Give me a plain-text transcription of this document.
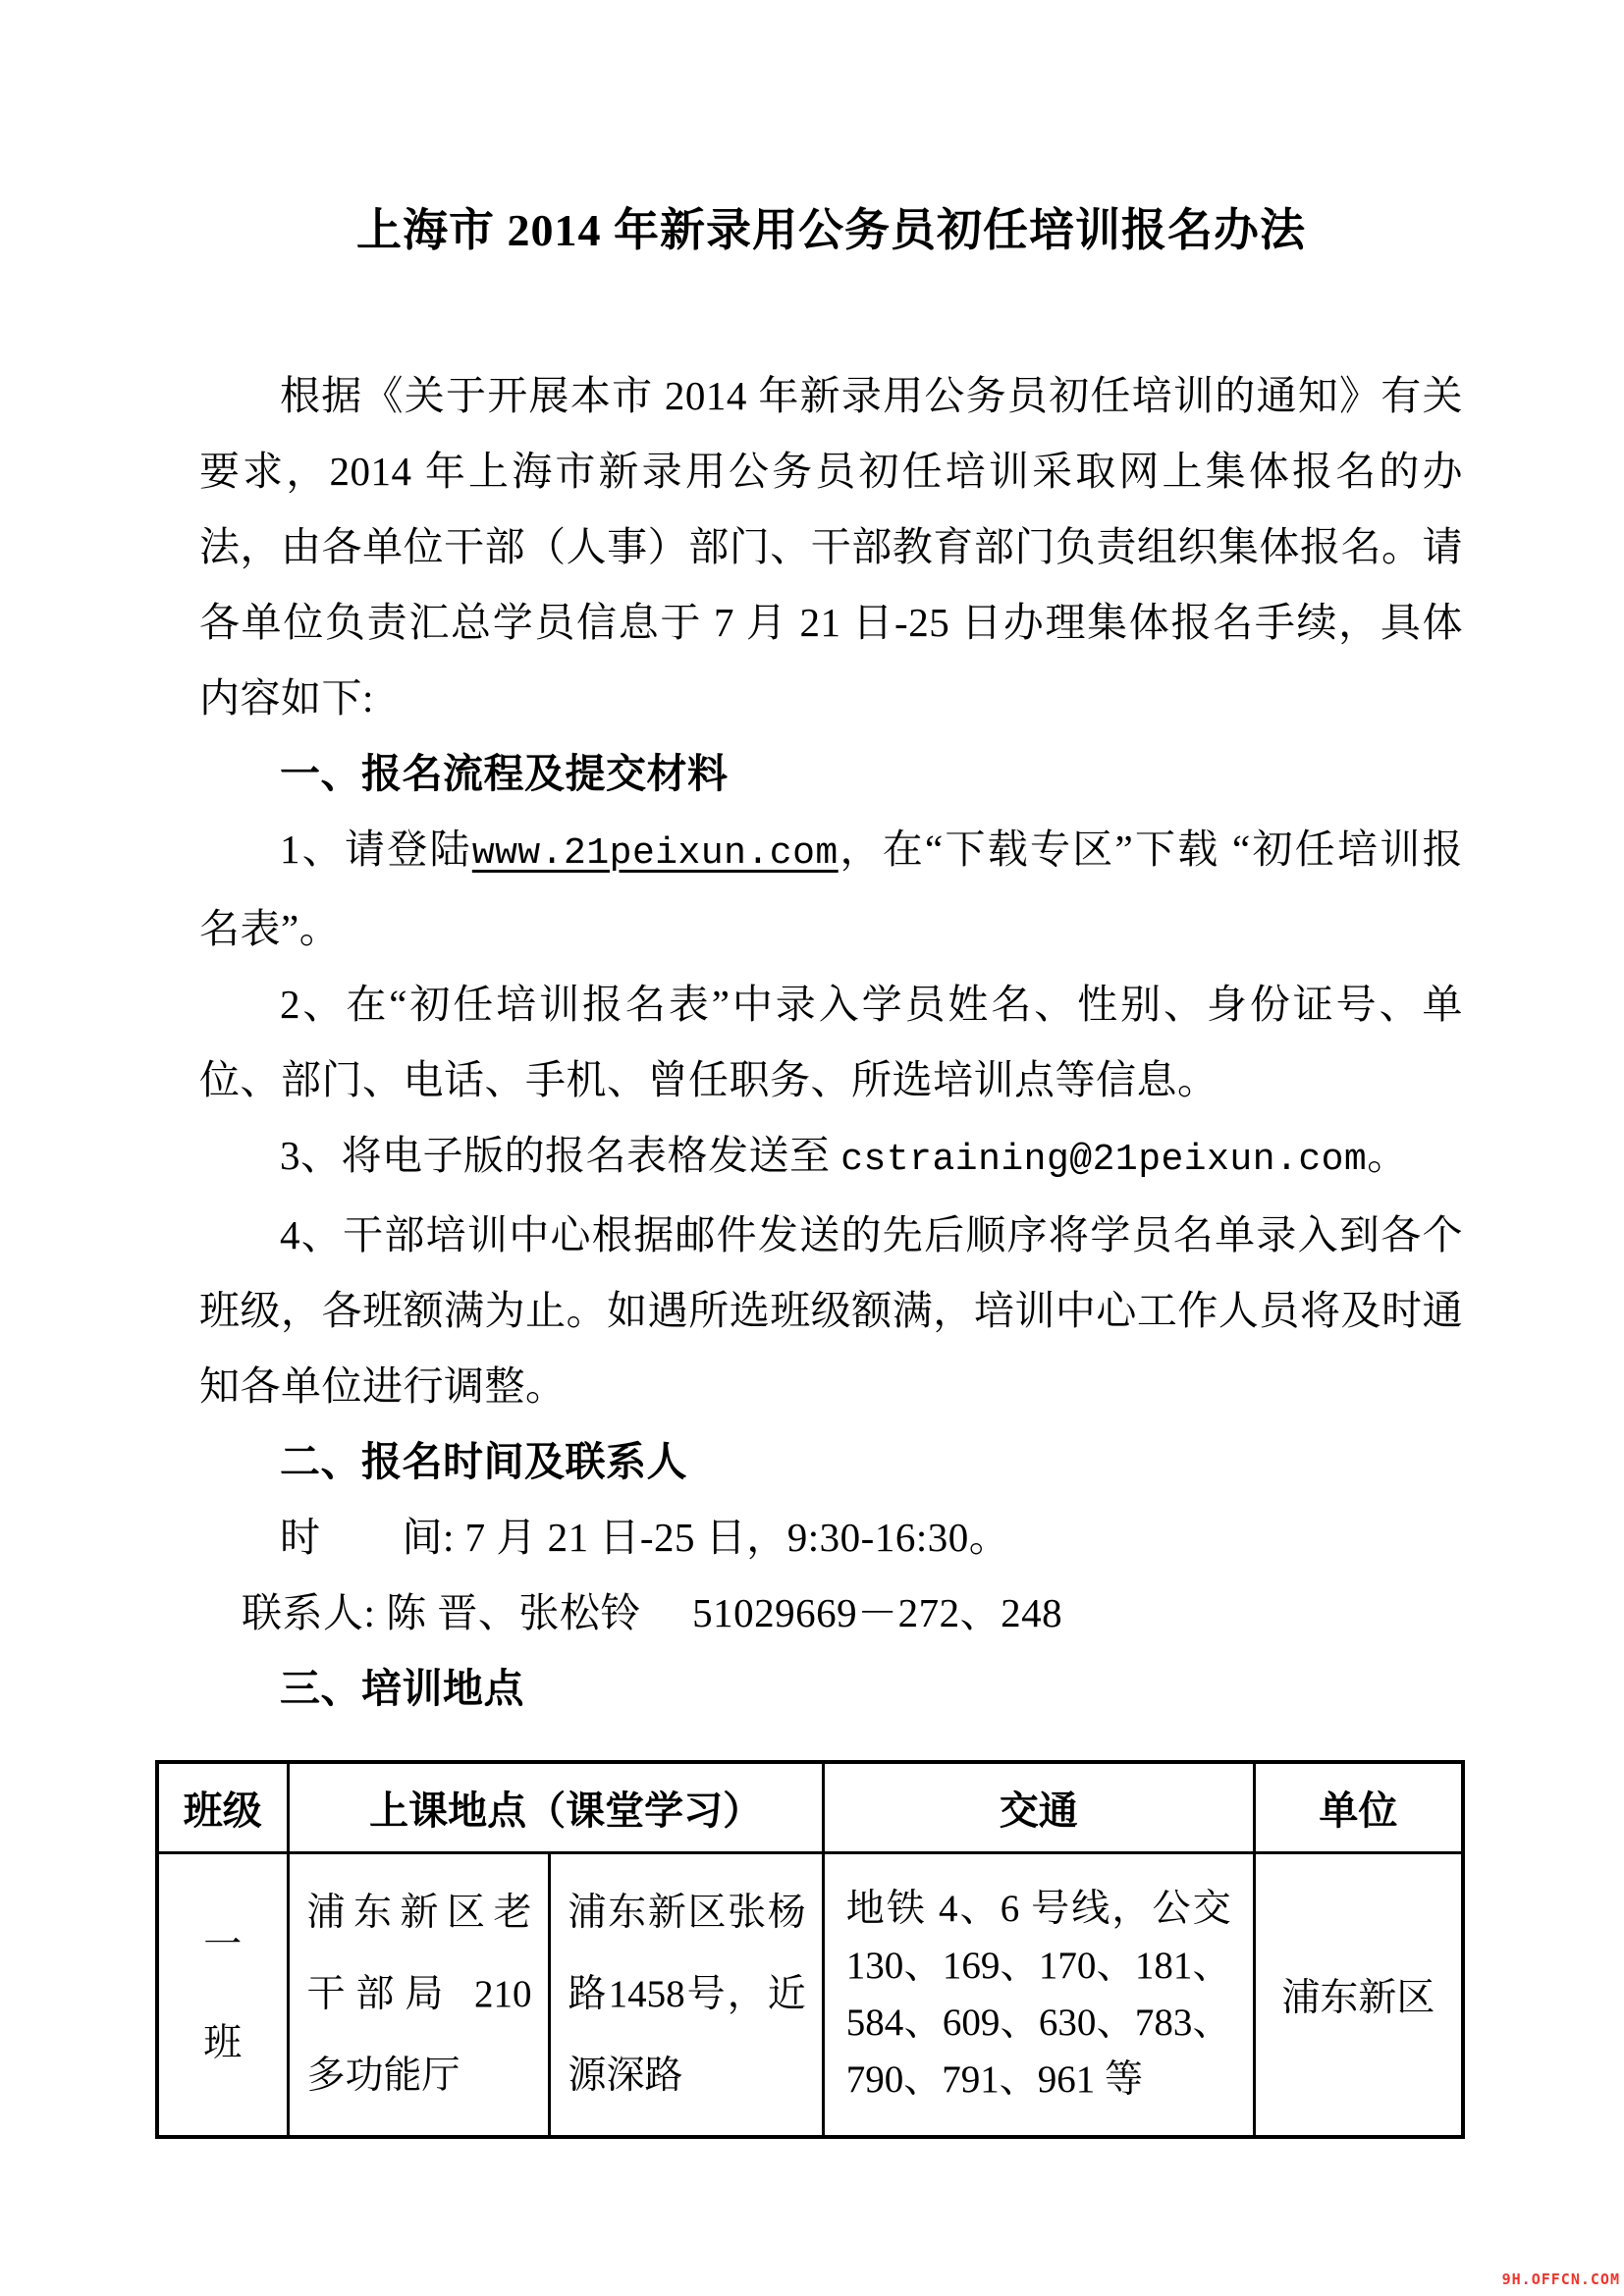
上海市 2014 年新录用公务员初任培训报名办法

根据《关于开展本市 2014 年新录用公务员初任培训的通知》有关要求，2014 年上海市新录用公务员初任培训采取网上集体报名的办法，由各单位干部（人事）部门、干部教育部门负责组织集体报名。请各单位负责汇总学员信息于 7 月 21 日-25 日办理集体报名手续，具体内容如下:

一、报名流程及提交材料

1、请登陆www.21peixun.com，在“下载专区”下载 “初任培训报名表”。

2、在“初任培训报名表”中录入学员姓名、性别、身份证号、单位、部门、电话、手机、曾任职务、所选培训点等信息。

3、将电子版的报名表格发送至 cstraining@21peixun.com。

4、干部培训中心根据邮件发送的先后顺序将学员名单录入到各个班级，各班额满为止。如遇所选班级额满，培训中心工作人员将及时通知各单位进行调整。

二、报名时间及联系人

时　　间: 7 月 21 日-25 日，9:30-16:30。

联系人: 陈 晋、张松铃　 51029669－272、248

三、培训地点

班级	上课地点（课堂学习）		交通	单位

一班	浦东新区老干部局 210 多功能厅	浦东新区张杨路1458号，近源深路	地铁 4、6 号线，公交 130、169、170、181、584、609、630、783、790、791、961 等	浦东新区
9H.OFFCN.COM
